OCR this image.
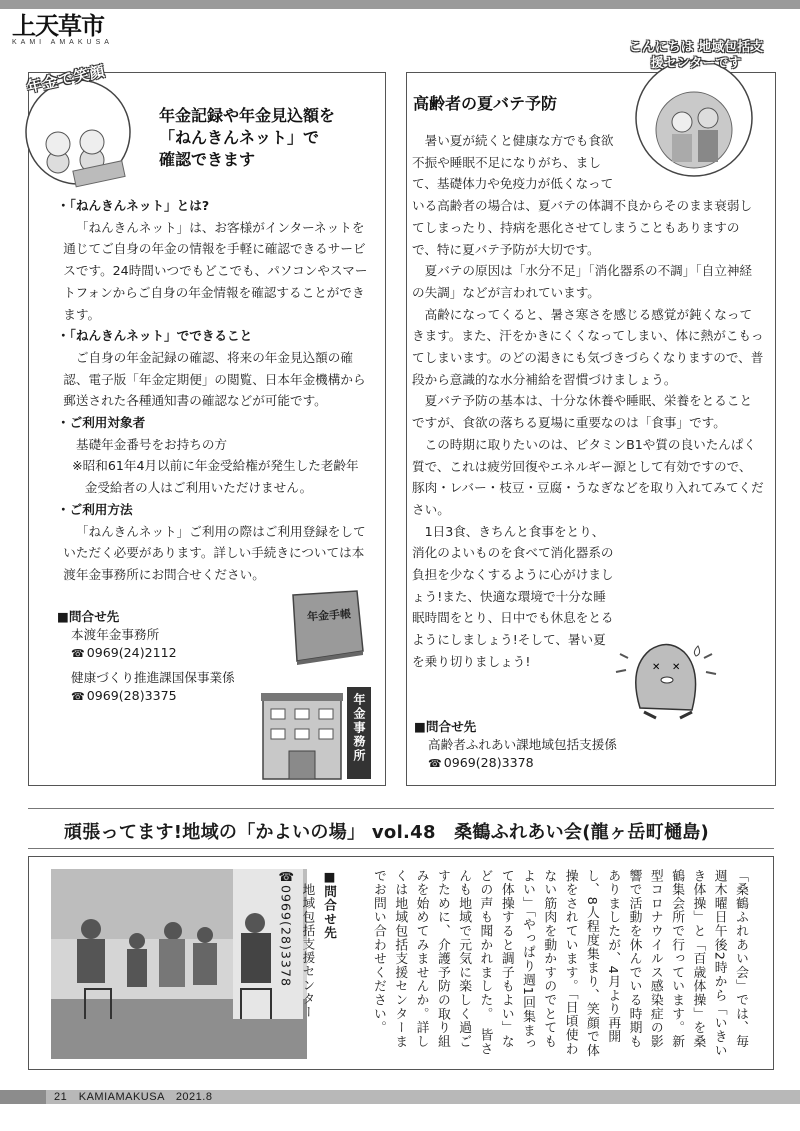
上天草市
KAMI AMAKUSA
年金記録や年金見込額を
「ねんきんネット」で
確認できます

・「ねんきんネット」とは?

「ねんきんネット」は、お客様がインターネットを通じてご自身の年金の情報を手軽に確認できるサービスです。24時間いつでもどこでも、パソコンやスマートフォンからご自身の年金情報を確認することができます。

・「ねんきんネット」でできること

ご自身の年金記録の確認、将来の年金見込額の確認、電子版「年金定期便」の閲覧、日本年金機構から郵送された各種通知書の確認などが可能です。

・ご利用対象者

基礎年金番号をお持ちの方

※昭和61年4月以前に年金受給権が発生した老齢年金受給者の人はご利用いただけません。

・ご利用方法

「ねんきんネット」ご利用の際はご利用登録をしていただく必要があります。詳しい手続きについては本渡年金事務所にお問合せください。

■問合せ先
本渡年金事務所
☎ 0969(24)2112
健康づくり推進課国保事業係
☎ 0969(28)3375
年金手帳
年金事務所
年金で笑顔
高齢者の夏バテ予防

暑い夏が続くと健康な方でも食欲不振や睡眠不足になりがち、まして、基礎体力や免疫力が低くなっている高齢者の場合は、夏バテの体調不良からそのまま衰弱してしまったり、持病を悪化させてしまうこともありますので、特に夏バテ予防が大切です。

夏バテの原因は「水分不足」「消化器系の不調」「自立神経の失調」などが言われています。

高齢になってくると、暑さ寒さを感じる感覚が鈍くなってきます。また、汗をかきにくくなってしまい、体に熱がこもってしまいます。のどの渇きにも気づきづらくなりますので、普段から意識的な水分補給を習慣づけましょう。

夏バテ予防の基本は、十分な休養や睡眠、栄養をとることですが、食欲の落ちる夏場に重要なのは「食事」です。

この時期に取りたいのは、ビタミンB1や質の良いたんぱく質で、これは疲労回復やエネルギー源として有効ですので、豚肉・レバー・枝豆・豆腐・うなぎなどを取り入れてみてください。

1日3食、きちんと食事をとり、消化のよいものを食べて消化器系の負担を少なくするように心がけましょう!また、快適な環境で十分な睡眠時間をとり、日中でも休息をとるようにしましょう!そして、暑い夏を乗り切りましょう!	✕ ✕
■問合せ先
高齢者ふれあい課地域包括支援係
☎ 0969(28)3378
こんにちは 地域包括支援センターです
頑張ってます!地域の「かよいの場」 vol.48　桑鶴ふれあい会(龍ヶ岳町樋島)
■問合せ先
地域包括支援センター
☎0969(28)3378	「桑鶴ふれあい会」では、毎週木曜日午後2時から「いきいき体操」と「百歳体操」を桑鶴集会所で行っています。新型コロナウイルス感染症の影響で活動を休んでいる時期もありましたが、4月より再開し、8人程度集まり、笑顔で体操をされています。「日頃使わない筋肉を動かすのでとてもよい」「やっぱり週1回集まって体操すると調子もよい」などの声も聞かれました。　皆さんも地域で元気に楽しく過ごすために、介護予防の取り組みを始めてみませんか。詳しくは地域包括支援センターまでお問い合わせください。
21　KAMIAMAKUSA　2021.8
